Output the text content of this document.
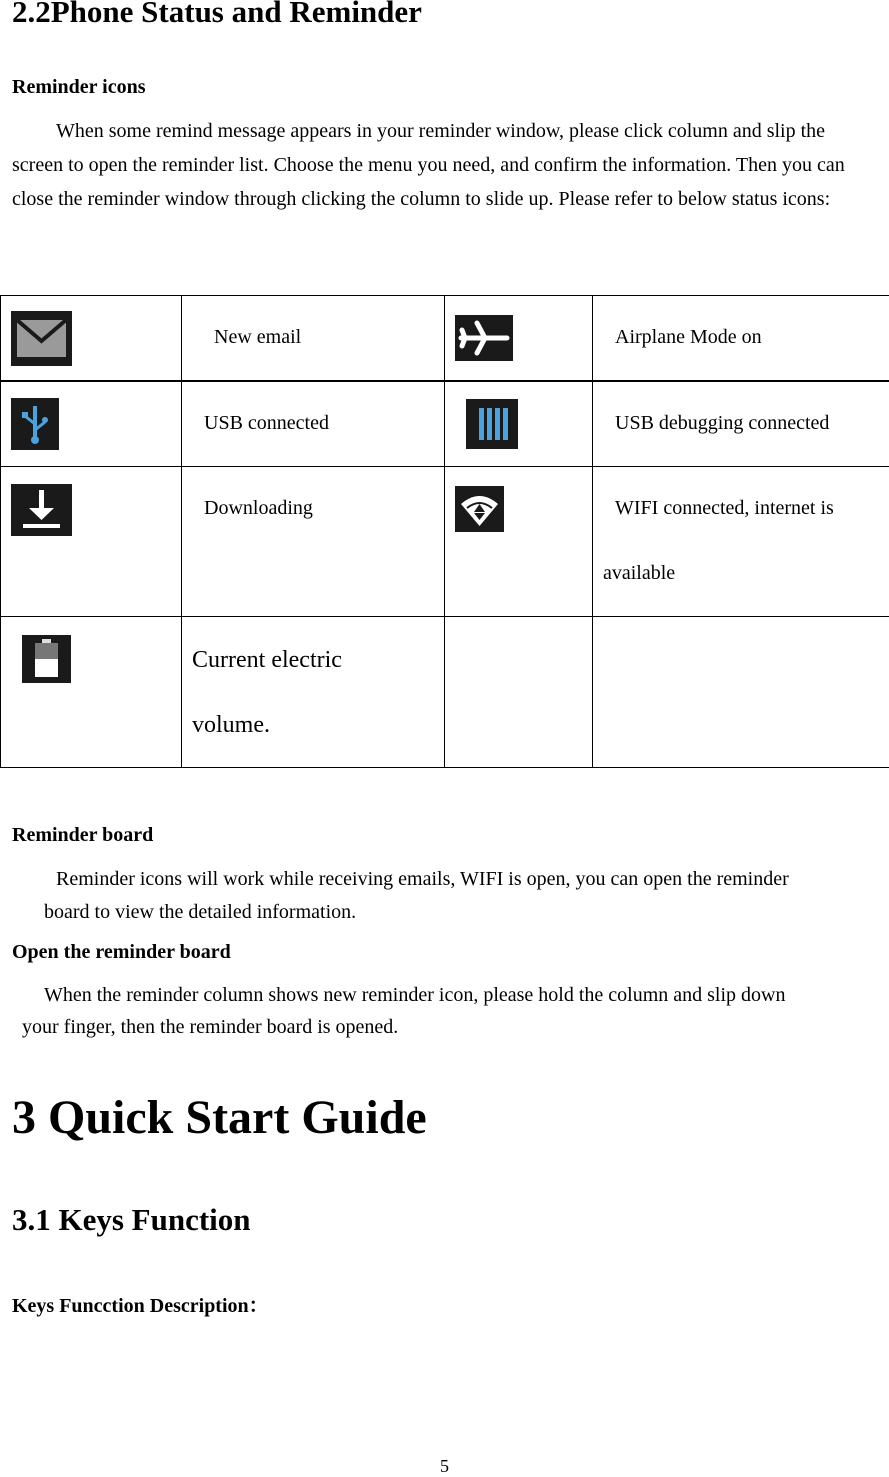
2.2Phone Status and Reminder
Reminder icons
When some remind message appears in your reminder window, please click column and slip the screen to open the reminder list. Choose the menu you need, and confirm the information. Then you can close the reminder window through clicking the column to slide up. Please refer to below status icons:

New email		Airplane Mode on

USB connected		USB debugging connected

Downloading		WIFI connected, internet is
available

Current electric
volume.		

Reminder board
Reminder icons will work while receiving emails, WIFI is open, you can open the reminder
board to view the detailed information.
Open the reminder board
When the reminder column shows new reminder icon, please hold the column and slip down
your finger, then the reminder board is opened.
3 Quick Start Guide
3.1 Keys Function
Keys Funcction Description：
5
